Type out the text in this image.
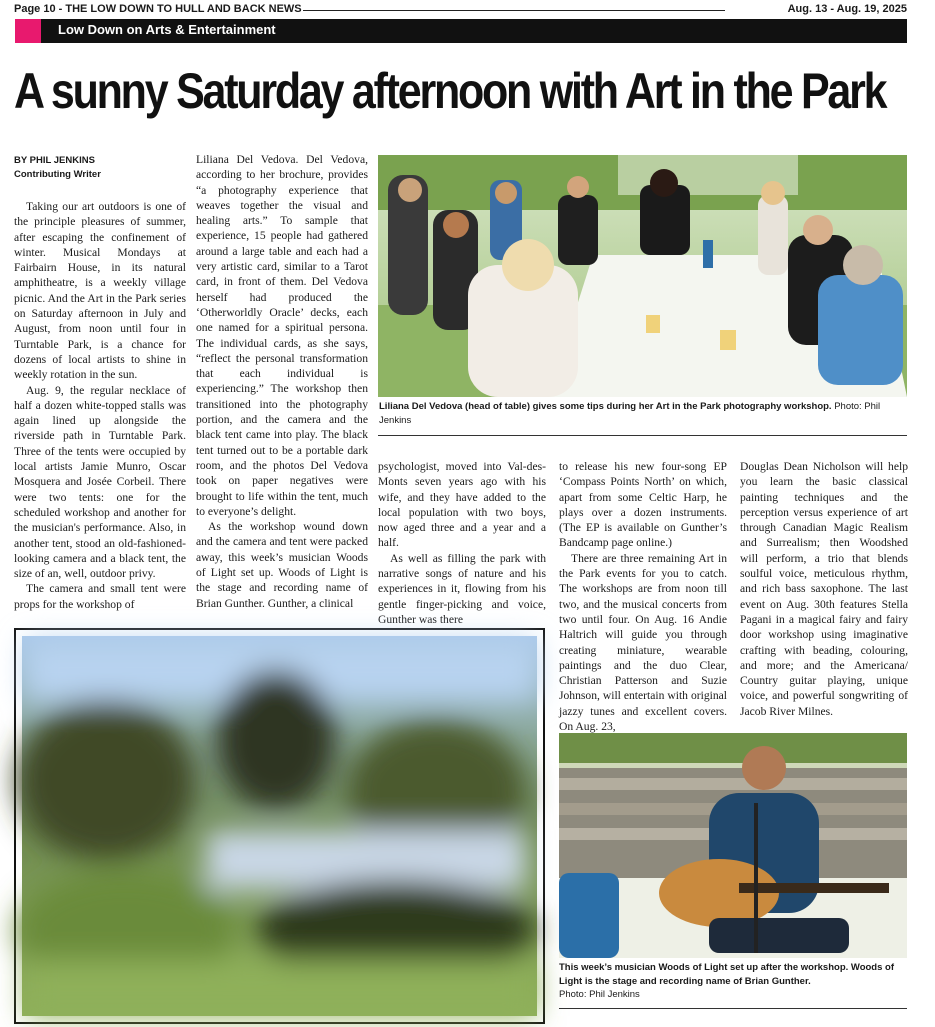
Page 10 - THE LOW DOWN TO HULL AND BACK NEWS	Aug. 13 - Aug. 19, 2025
Low Down on Arts & Entertainment
A sunny Saturday afternoon with Art in the Park
BY PHIL JENKINS
Contributing Writer

Taking our art outdoors is one of the principle pleasures of summer, after escaping the confinement of winter. Musical Mondays at Fairbairn House, in its natural amphitheatre, is a weekly village picnic. And the Art in the Park series on Saturday afternoon in July and August, from noon until four in Turntable Park, is a chance for dozens of local artists to shine in weekly rotation in the sun.

Aug. 9, the regular necklace of half a dozen white-topped stalls was again lined up alongside the riverside path in Turntable Park. Three of the tents were occupied by local artists Jamie Munro, Oscar Mosquera and Josée Corbeil. There were two tents: one for the scheduled workshop and another for the musician's performance. Also, in another tent, stood an old-fashioned-looking camera and a black tent, the size of an, well, outdoor privy.

The camera and small tent were props for the workshop of

Liliana Del Vedova. Del Vedova, according to her brochure, provides “a photography experience that weaves together the visual and healing arts.” To sample that experience, 15 people had gathered around a large table and each had a very artistic card, similar to a Tarot card, in front of them. Del Vedova herself had produced the ‘Otherworldly Oracle’ decks, each one named for a spiritual persona. The individual cards, as she says, “reflect the personal transformation that each individual is experiencing.” The workshop then transitioned into the photography portion, and the camera and the black tent came into play. The black tent turned out to be a portable dark room, and the photos Del Vedova took on paper negatives were brought to life within the tent, much to everyone’s delight.

As the workshop wound down and the camera and tent were packed away, this week’s musician Woods of Light set up. Woods of Light is the stage and recording name of Brian Gunther. Gunther, a clinical

Liliana Del Vedova (head of table) gives some tips during her Art in the Park photography workshop. Photo: Phil Jenkins

psychologist, moved into Val-des-Monts seven years ago with his wife, and they have added to the local population with two boys, now aged three and a year and a half.

As well as filling the park with narrative songs of nature and his experiences in it, flowing from his gentle finger-picking and voice, Gunther was there

to release his new four-song EP ‘Compass Points North’ on which, apart from some Celtic Harp, he plays over a dozen instruments. (The EP is available on Gunther’s Bandcamp page online.)

There are three remaining Art in the Park events for you to catch. The workshops are from noon till two, and the musical concerts from two until four. On Aug. 16 Andie Haltrich will guide you through creating miniature, wearable paintings and the duo Clear, Christian Patterson and Suzie Johnson, will entertain with original jazzy tunes and excellent covers. On Aug. 23,

Douglas Dean Nicholson will help you learn the basic classical painting techniques and the perception versus experience of art through Canadian Magic Realism and Surrealism; then Woodshed will perform, a trio that blends soulful voice, meticulous rhythm, and rich bass saxophone. The last event on Aug. 30th features Stella Pagani in a magical fairy and fairy door workshop using imaginative crafting with beading, colouring, and more; and the Americana/ Country guitar playing, unique voice, and powerful songwriting of Jacob River Milnes.

This week’s musician Woods of Light set up after the workshop. Woods of Light is the stage and recording name of Brian Gunther.
Photo: Phil Jenkins
